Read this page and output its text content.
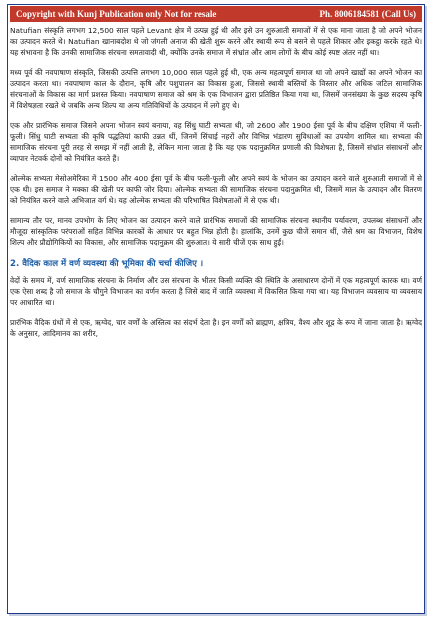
Copyright with Kunj Publication only Not for resale	Ph. 8006184581 (Call Us)

Natufian संस्कृति लगभग 12,500 साल पहले Levant क्षेत्र में उत्पन्न हुई थी और इसे उन शुरुआती समाजों में से एक माना जाता है जो अपने भोजन का उत्पादन करते थे। Natufian खानाबदोश थे जो जंगली अनाज की खेती शुरू करने और स्थायी रूप से बसने से पहले शिकार और इकट्ठा करके रहते थे। यह संभावना है कि उनकी सामाजिक संरचना समतावादी थी, क्योंकि उनके समाज में संभ्रांत और आम लोगों के बीच कोई स्पष्ट अंतर नहीं था।

मध्य पूर्व की नवपाषाण संस्कृति, जिसकी उत्पत्ति लगभग 10,000 साल पहले हुई थी, एक अन्य महत्वपूर्ण समाज था जो अपने खाद्यों का अपने भोजन का उत्पादन करता था। नवपाषाण काल के दौरान, कृषि और पशुपालन का विकास हुआ, जिससे स्थायी बस्तियों के विस्तार और अधिक जटिल सामाजिक संरचनाओं के विकास का मार्ग प्रशस्त किया। नवपाषाण समाज को श्रम के एक विभाजन द्वारा प्रतिष्ठित किया गया था, जिसमें जनसंख्या के कुछ सदस्य कृषि में विशेषज्ञता रखते थे जबकि अन्य शिल्प या अन्य गतिविधियों के उत्पादन में लगे हुए थे।

एक और प्रारंभिक समाज जिसने अपना भोजन स्वयं बनाया, वह सिंधु घाटी सभ्यता थी, जो 2600 और 1900 ईसा पूर्व के बीच दक्षिण एशिया में फली-फूली। सिंधु घाटी सभ्यता की कृषि पद्धतियां काफी उन्नत थीं, जिनमें सिंचाई नहरों और विभिन्न भंडारण सुविधाओं का उपयोग शामिल था। सभ्यता की सामाजिक संरचना पूरी तरह से समझ में नहीं आती है, लेकिन माना जाता है कि यह एक पदानुक्रमित प्रणाली की विशेषता है, जिसमें संभ्रांत संसाधनों और व्यापार नेटवर्क दोनों को नियंत्रित करते हैं।

ओल्मेक सभ्यता मेसोअमेरिका में 1500 और 400 ईसा पूर्व के बीच फली-फूली और अपने स्वयं के भोजन का उत्पादन करने वाले शुरुआती समाजों में से एक थी। इस समाज ने मक्का की खेती पर काफी जोर दिया। ओल्मेक सभ्यता की सामाजिक संरचना पदानुक्रमित थी, जिसमें माल के उत्पादन और वितरण को नियंत्रित करने वाले अभिजात वर्ग थे। यह ओल्मेक सभ्यता की परिभाषित विशेषताओं में से एक थी।

सामान्य तौर पर, मानव उपभोग के लिए भोजन का उत्पादन करने वाले प्रारंभिक समाजों की सामाजिक संरचना स्थानीय पर्यावरण, उपलब्ध संसाधनों और मौजूदा सांस्कृतिक परंपराओं सहित विभिन्न कारकों के आधार पर बहुत भिन्न होती है। हालांकि, उनमें कुछ चीजें समान थीं, जैसे श्रम का विभाजन, विशेष शिल्प और प्रौद्योगिकियों का विकास, और सामाजिक पदानुक्रम की शुरुआत। ये सारी चीजें एक साथ हुईं।

2. वैदिक काल में वर्ण व्यवस्था की भूमिका की चर्चा कीजिए ।

वेदों के समय में, वर्ण सामाजिक संरचना के निर्माण और उस संरचना के भीतर किसी व्यक्ति की स्थिति के असाधारण दोनों में एक महत्वपूर्ण कारक था। वर्ण एक ऐसा शब्द है जो समाज के चौगुने विभाजन का वर्णन करता है जिसे बाद में जाति व्यवस्था में विकसित किया गया था। यह विभाजन व्यवसाय या व्यवसाय पर आधारित था।

प्रारंभिक वैदिक ग्रंथों में से एक, ऋग्वेद, चार वर्णों के अस्तित्व का संदर्भ देता है। इन वर्णों को ब्राह्मण, क्षत्रिय, वैश्य और शूद्र के रूप में जाना जाता है। ऋग्वेद के अनुसार, आदिमानव का शरीर,
